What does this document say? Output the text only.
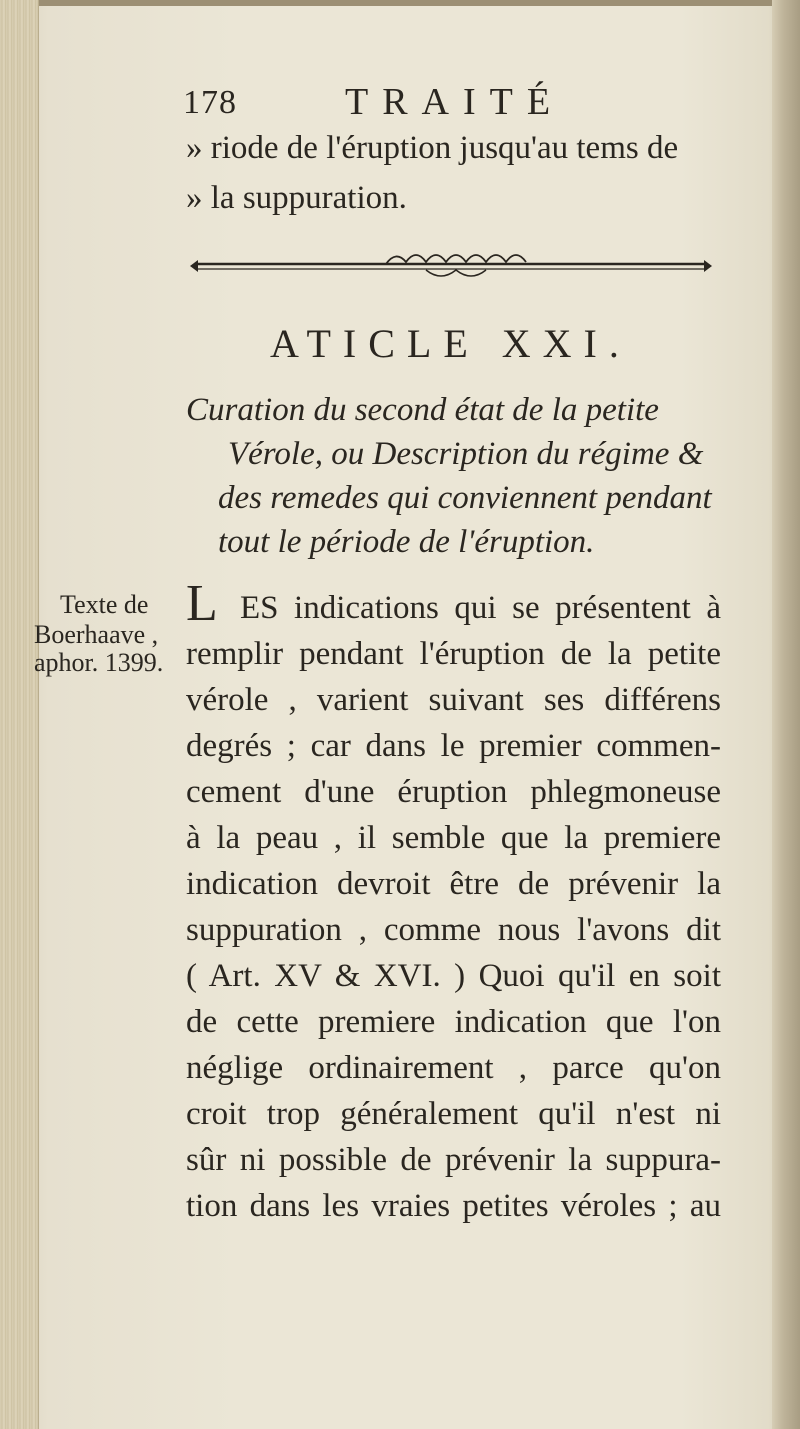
178	TRAITÉ
» riode de l'éruption jusqu'au tems de
» la suppuration.
ATICLE XXI.
Curation du second état de la petite
Vérole, ou Description du régime &
des remedes qui conviennent pendant
tout le période de l'éruption.
Texte de
Boerhaave ,
aphor. 1399.
L ES indications qui se présentent à
remplir pendant l'éruption de la petite
vérole , varient suivant ses différens
degrés ; car dans le premier commen-
cement d'une éruption phlegmoneuse
à la peau , il semble que la premiere
indication devroit être de prévenir la
suppuration , comme nous l'avons dit
( Art. XV & XVI. ) Quoi qu'il en soit
de cette premiere indication que l'on
néglige ordinairement , parce qu'on
croit trop généralement qu'il n'est ni
sûr ni possible de prévenir la suppura-
tion dans les vraies petites véroles ; au
